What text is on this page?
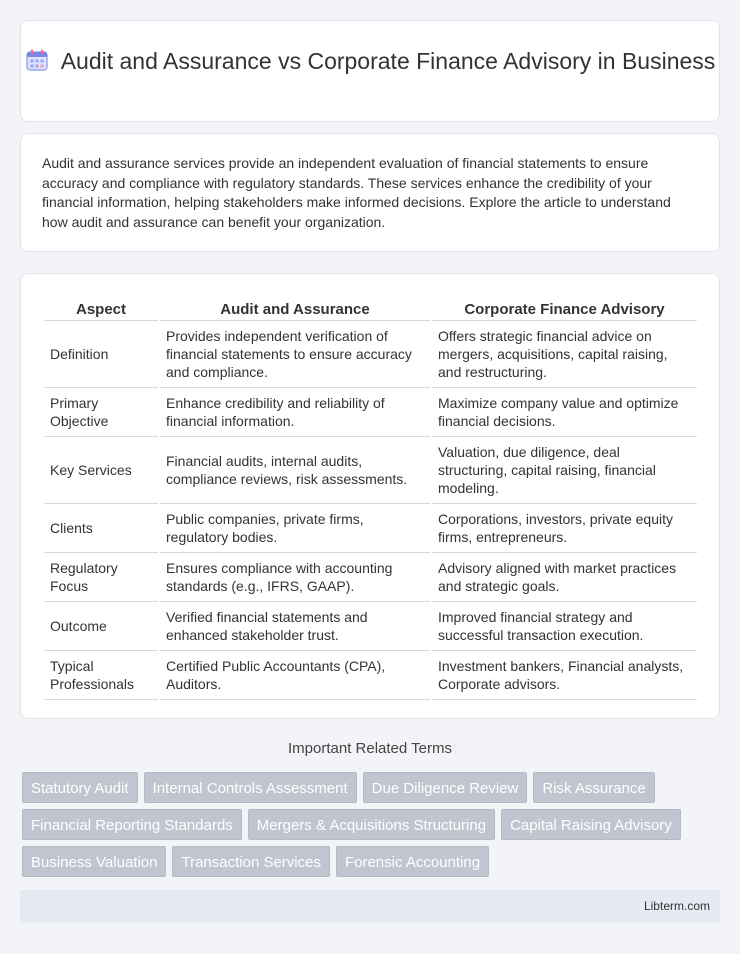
Audit and Assurance vs Corporate Finance Advisory in Business

Audit and assurance services provide an independent evaluation of financial statements to ensure accuracy and compliance with regulatory standards. These services enhance the credibility of your financial information, helping stakeholders make informed decisions. Explore the article to understand how audit and assurance can benefit your organization.

Aspect	Audit and Assurance	Corporate Finance Advisory
Definition	Provides independent verification of financial statements to ensure accuracy and compliance.	Offers strategic financial advice on mergers, acquisitions, capital raising, and restructuring.
Primary Objective	Enhance credibility and reliability of financial information.	Maximize company value and optimize financial decisions.
Key Services	Financial audits, internal audits, compliance reviews, risk assessments.	Valuation, due diligence, deal structuring, capital raising, financial modeling.
Clients	Public companies, private firms, regulatory bodies.	Corporations, investors, private equity firms, entrepreneurs.
Regulatory Focus	Ensures compliance with accounting standards (e.g., IFRS, GAAP).	Advisory aligned with market practices and strategic goals.
Outcome	Verified financial statements and enhanced stakeholder trust.	Improved financial strategy and successful transaction execution.
Typical Professionals	Certified Public Accountants (CPA), Auditors.	Investment bankers, Financial analysts, Corporate advisors.
Important Related Terms
Statutory Audit	Internal Controls Assessment	Due Diligence Review	Risk Assurance
Financial Reporting Standards	Mergers & Acquisitions Structuring	Capital Raising Advisory
Business Valuation	Transaction Services	Forensic Accounting
Libterm.com
